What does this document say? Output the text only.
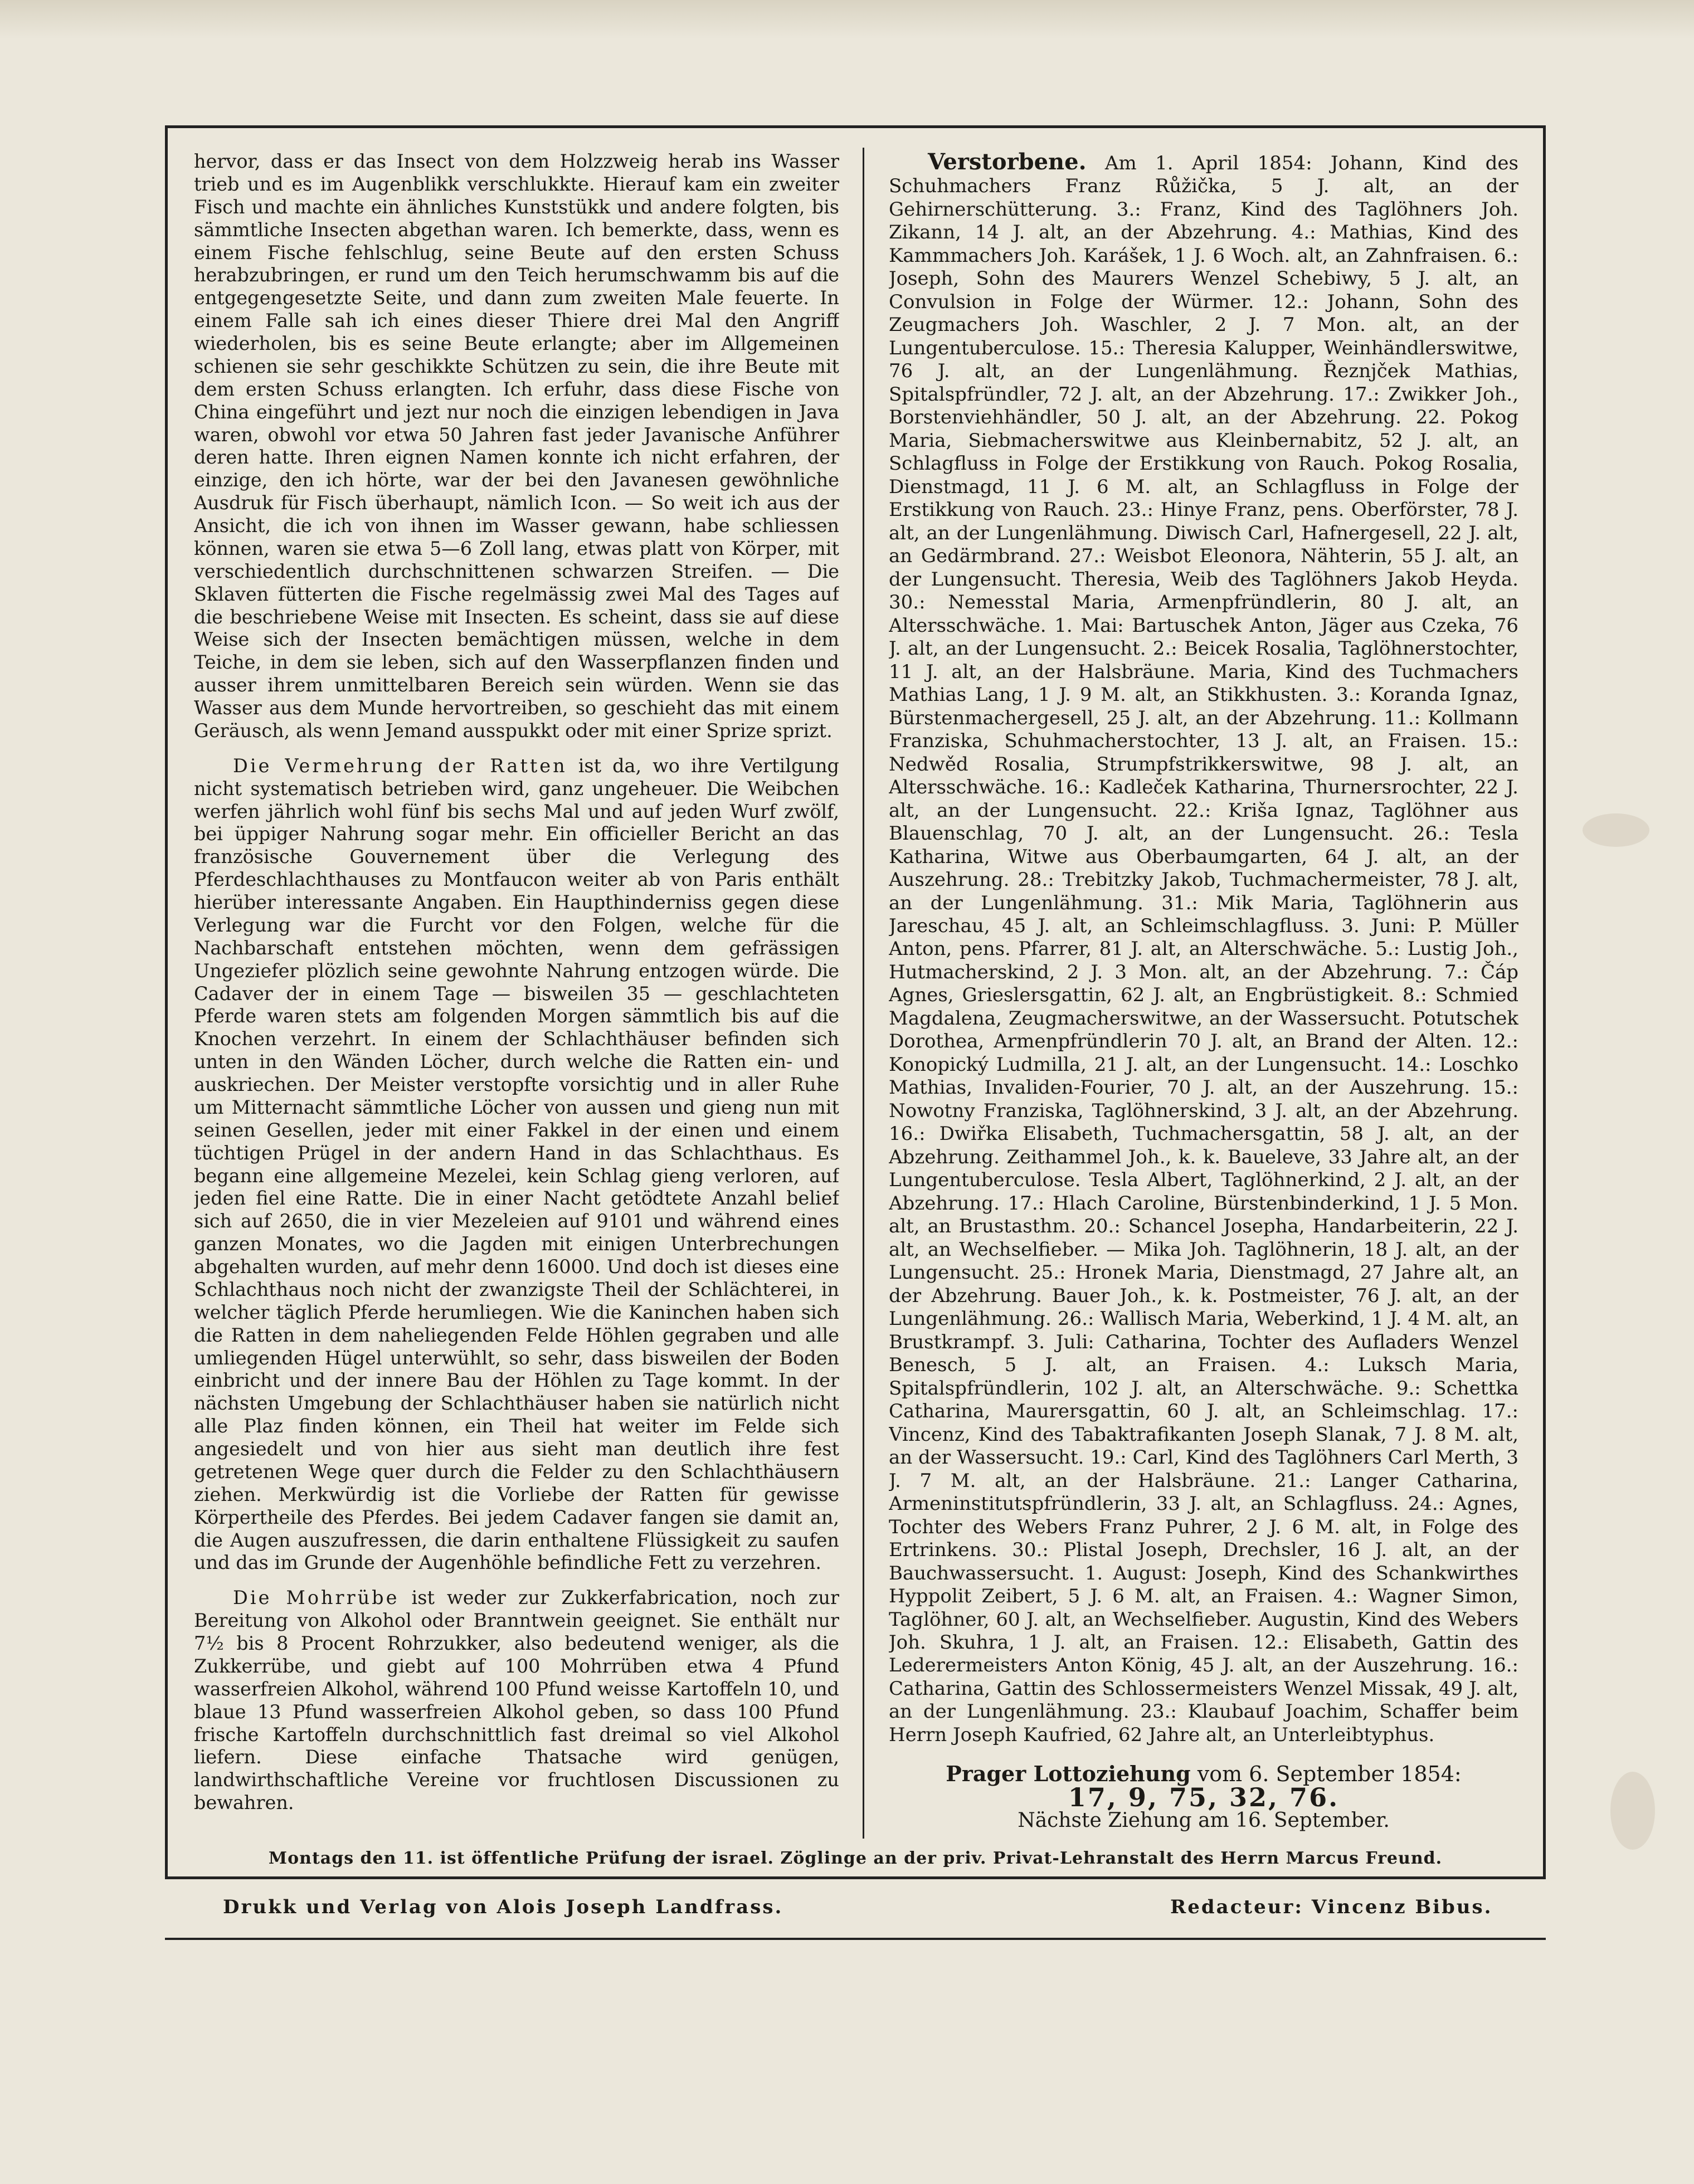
hervor, dass er das Insect von dem Holzzweig herab ins Wasser trieb und es im Augenblikk verschlukkte. Hierauf kam ein zweiter Fisch und machte ein ähnliches Kunststükk und andere folgten, bis sämmtliche Insecten abgethan waren. Ich bemerkte, dass, wenn es einem Fische fehlschlug, seine Beute auf den ersten Schuss herabzubringen, er rund um den Teich herumschwamm bis auf die entgegengesetzte Seite, und dann zum zweiten Male feuerte. In einem Falle sah ich eines dieser Thiere drei Mal den Angriff wiederholen, bis es seine Beute erlangte; aber im Allgemeinen schienen sie sehr geschikkte Schützen zu sein, die ihre Beute mit dem ersten Schuss erlangten. Ich erfuhr, dass diese Fische von China eingeführt und jezt nur noch die einzigen lebendigen in Java waren, obwohl vor etwa 50 Jahren fast jeder Javanische Anführer deren hatte. Ihren eignen Namen konnte ich nicht erfahren, der einzige, den ich hörte, war der bei den Javanesen gewöhnliche Ausdruk für Fisch überhaupt, nämlich Icon. — So weit ich aus der Ansicht, die ich von ihnen im Wasser gewann, habe schliessen können, waren sie etwa 5—6 Zoll lang, etwas platt von Körper, mit verschiedentlich durchschnittenen schwarzen Streifen. — Die Sklaven fütterten die Fische regelmässig zwei Mal des Tages auf die beschriebene Weise mit Insecten. Es scheint, dass sie auf diese Weise sich der Insecten bemächtigen müssen, welche in dem Teiche, in dem sie leben, sich auf den Wasserpflanzen finden und ausser ihrem unmittelbaren Bereich sein würden. Wenn sie das Wasser aus dem Munde hervortreiben, so geschieht das mit einem Geräusch, als wenn Jemand ausspukkt oder mit einer Sprize sprizt.

Die Vermehrung der Ratten ist da, wo ihre Vertilgung nicht systematisch betrieben wird, ganz ungeheuer. Die Weibchen werfen jährlich wohl fünf bis sechs Mal und auf jeden Wurf zwölf, bei üppiger Nahrung sogar mehr. Ein officieller Bericht an das französische Gouvernement über die Verlegung des Pferdeschlachthauses zu Montfaucon weiter ab von Paris enthält hierüber interessante Angaben. Ein Haupthinderniss gegen diese Verlegung war die Furcht vor den Folgen, welche für die Nachbarschaft entstehen möchten, wenn dem gefrässigen Ungeziefer plözlich seine gewohnte Nahrung entzogen würde. Die Cadaver der in einem Tage — bisweilen 35 — geschlachteten Pferde waren stets am folgenden Morgen sämmtlich bis auf die Knochen verzehrt. In einem der Schlachthäuser befinden sich unten in den Wänden Löcher, durch welche die Ratten ein- und auskriechen. Der Meister verstopfte vorsichtig und in aller Ruhe um Mitternacht sämmtliche Löcher von aussen und gieng nun mit seinen Gesellen, jeder mit einer Fakkel in der einen und einem tüchtigen Prügel in der andern Hand in das Schlachthaus. Es begann eine allgemeine Mezelei, kein Schlag gieng verloren, auf jeden fiel eine Ratte. Die in einer Nacht getödtete Anzahl belief sich auf 2650, die in vier Mezeleien auf 9101 und während eines ganzen Monates, wo die Jagden mit einigen Unterbrechungen abgehalten wurden, auf mehr denn 16000. Und doch ist dieses eine Schlachthaus noch nicht der zwanzigste Theil der Schlächterei, in welcher täglich Pferde herumliegen. Wie die Kaninchen haben sich die Ratten in dem naheliegenden Felde Höhlen gegraben und alle umliegenden Hügel unterwühlt, so sehr, dass bisweilen der Boden einbricht und der innere Bau der Höhlen zu Tage kommt. In der nächsten Umgebung der Schlachthäuser haben sie natürlich nicht alle Plaz finden können, ein Theil hat weiter im Felde sich angesiedelt und von hier aus sieht man deutlich ihre fest getretenen Wege quer durch die Felder zu den Schlachthäusern ziehen. Merkwürdig ist die Vorliebe der Ratten für gewisse Körpertheile des Pferdes. Bei jedem Cadaver fangen sie damit an, die Augen auszufressen, die darin enthaltene Flüssigkeit zu saufen und das im Grunde der Augenhöhle befindliche Fett zu verzehren.

Die Mohrrübe ist weder zur Zukkerfabrication, noch zur Bereitung von Alkohol oder Branntwein geeignet. Sie enthält nur 7½ bis 8 Procent Rohrzukker, also bedeutend weniger, als die Zukkerrübe, und giebt auf 100 Mohrrüben etwa 4 Pfund wasserfreien Alkohol, während 100 Pfund weisse Kartoffeln 10, und blaue 13 Pfund wasserfreien Alkohol geben, so dass 100 Pfund frische Kartoffeln durchschnittlich fast dreimal so viel Alkohol liefern. Diese einfache Thatsache wird genügen, landwirthschaftliche Vereine vor fruchtlosen Discussionen zu bewahren.

Verstorbene. Am 1. April 1854: Johann, Kind des Schuhmachers Franz Růžička, 5 J. alt, an der Gehirnerschütterung. 3.: Franz, Kind des Taglöhners Joh. Zikann, 14 J. alt, an der Abzehrung. 4.: Mathias, Kind des Kammmachers Joh. Karášek, 1 J. 6 Woch. alt, an Zahnfraisen. 6.: Joseph, Sohn des Maurers Wenzel Schebiwy, 5 J. alt, an Convulsion in Folge der Würmer. 12.: Johann, Sohn des Zeugmachers Joh. Waschler, 2 J. 7 Mon. alt, an der Lungentuberculose. 15.: Theresia Kalupper, Weinhändlerswitwe, 76 J. alt, an der Lungenlähmung. Řeznjček Mathias, Spitalspfründler, 72 J. alt, an der Abzehrung. 17.: Zwikker Joh., Borstenviehhändler, 50 J. alt, an der Abzehrung. 22. Pokog Maria, Siebmacherswitwe aus Kleinbernabitz, 52 J. alt, an Schlagfluss in Folge der Erstikkung von Rauch. Pokog Rosalia, Dienstmagd, 11 J. 6 M. alt, an Schlagfluss in Folge der Erstikkung von Rauch. 23.: Hinye Franz, pens. Oberförster, 78 J. alt, an der Lungenlähmung. Diwisch Carl, Hafnergesell, 22 J. alt, an Gedärmbrand. 27.: Weisbot Eleonora, Nähterin, 55 J. alt, an der Lungensucht. Theresia, Weib des Taglöhners Jakob Heyda. 30.: Nemesstal Maria, Armenpfründlerin, 80 J. alt, an Altersschwäche. 1. Mai: Bartuschek Anton, Jäger aus Czeka, 76 J. alt, an der Lungensucht. 2.: Beicek Rosalia, Taglöhnerstochter, 11 J. alt, an der Halsbräune. Maria, Kind des Tuchmachers Mathias Lang, 1 J. 9 M. alt, an Stikkhusten. 3.: Koranda Ignaz, Bürstenmachergesell, 25 J. alt, an der Abzehrung. 11.: Kollmann Franziska, Schuhmacherstochter, 13 J. alt, an Fraisen. 15.: Nedwěd Rosalia, Strumpfstrikkerswitwe, 98 J. alt, an Altersschwäche. 16.: Kadleček Katharina, Thurnersrochter, 22 J. alt, an der Lungensucht. 22.: Kriša Ignaz, Taglöhner aus Blauenschlag, 70 J. alt, an der Lungensucht. 26.: Tesla Katharina, Witwe aus Oberbaumgarten, 64 J. alt, an der Auszehrung. 28.: Trebitzky Jakob, Tuchmachermeister, 78 J. alt, an der Lungenlähmung. 31.: Mik Maria, Taglöhnerin aus Jareschau, 45 J. alt, an Schleimschlagfluss. 3. Juni: P. Müller Anton, pens. Pfarrer, 81 J. alt, an Alterschwäche. 5.: Lustig Joh., Hutmacherskind, 2 J. 3 Mon. alt, an der Abzehrung. 7.: Čáp Agnes, Grieslersgattin, 62 J. alt, an Engbrüstigkeit. 8.: Schmied Magdalena, Zeugmacherswitwe, an der Wassersucht. Potutschek Dorothea, Armenpfründlerin 70 J. alt, an Brand der Alten. 12.: Konopický Ludmilla, 21 J. alt, an der Lungensucht. 14.: Loschko Mathias, Invaliden-Fourier, 70 J. alt, an der Auszehrung. 15.: Nowotny Franziska, Taglöhnerskind, 3 J. alt, an der Abzehrung. 16.: Dwiřka Elisabeth, Tuchmachersgattin, 58 J. alt, an der Abzehrung. Zeithammel Joh., k. k. Baueleve, 33 Jahre alt, an der Lungentuberculose. Tesla Albert, Taglöhnerkind, 2 J. alt, an der Abzehrung. 17.: Hlach Caroline, Bürstenbinderkind, 1 J. 5 Mon. alt, an Brustasthm. 20.: Schancel Josepha, Handarbeiterin, 22 J. alt, an Wechselfieber. — Mika Joh. Taglöhnerin, 18 J. alt, an der Lungensucht. 25.: Hronek Maria, Dienstmagd, 27 Jahre alt, an der Abzehrung. Bauer Joh., k. k. Postmeister, 76 J. alt, an der Lungenlähmung. 26.: Wallisch Maria, Weberkind, 1 J. 4 M. alt, an Brustkrampf. 3. Juli: Catharina, Tochter des Aufladers Wenzel Benesch, 5 J. alt, an Fraisen. 4.: Luksch Maria, Spitalspfründlerin, 102 J. alt, an Alterschwäche. 9.: Schettka Catharina, Maurersgattin, 60 J. alt, an Schleimschlag. 17.: Vincenz, Kind des Tabaktrafikanten Joseph Slanak, 7 J. 8 M. alt, an der Wassersucht. 19.: Carl, Kind des Taglöhners Carl Merth, 3 J. 7 M. alt, an der Halsbräune. 21.: Langer Catharina, Armeninstitutspfründlerin, 33 J. alt, an Schlagfluss. 24.: Agnes, Tochter des Webers Franz Puhrer, 2 J. 6 M. alt, in Folge des Ertrinkens. 30.: Plistal Joseph, Drechsler, 16 J. alt, an der Bauchwassersucht. 1. August: Joseph, Kind des Schankwirthes Hyppolit Zeibert, 5 J. 6 M. alt, an Fraisen. 4.: Wagner Simon, Taglöhner, 60 J. alt, an Wechselfieber. Augustin, Kind des Webers Joh. Skuhra, 1 J. alt, an Fraisen. 12.: Elisabeth, Gattin des Lederermeisters Anton König, 45 J. alt, an der Auszehrung. 16.: Catharina, Gattin des Schlossermeisters Wenzel Missak, 49 J. alt, an der Lungenlähmung. 23.: Klaubauf Joachim, Schaffer beim Herrn Joseph Kaufried, 62 Jahre alt, an Unterleibtyphus.

Prager Lottoziehung vom 6. September 1854:
17, 9, 75, 32, 76.
Nächste Ziehung am 16. September.
Montags den 11. ist öffentliche Prüfung der israel. Zöglinge an der priv. Privat-Lehranstalt des Herrn Marcus Freund.
Drukk und Verlag von Alois Joseph Landfrass.	Redacteur: Vincenz Bibus.
